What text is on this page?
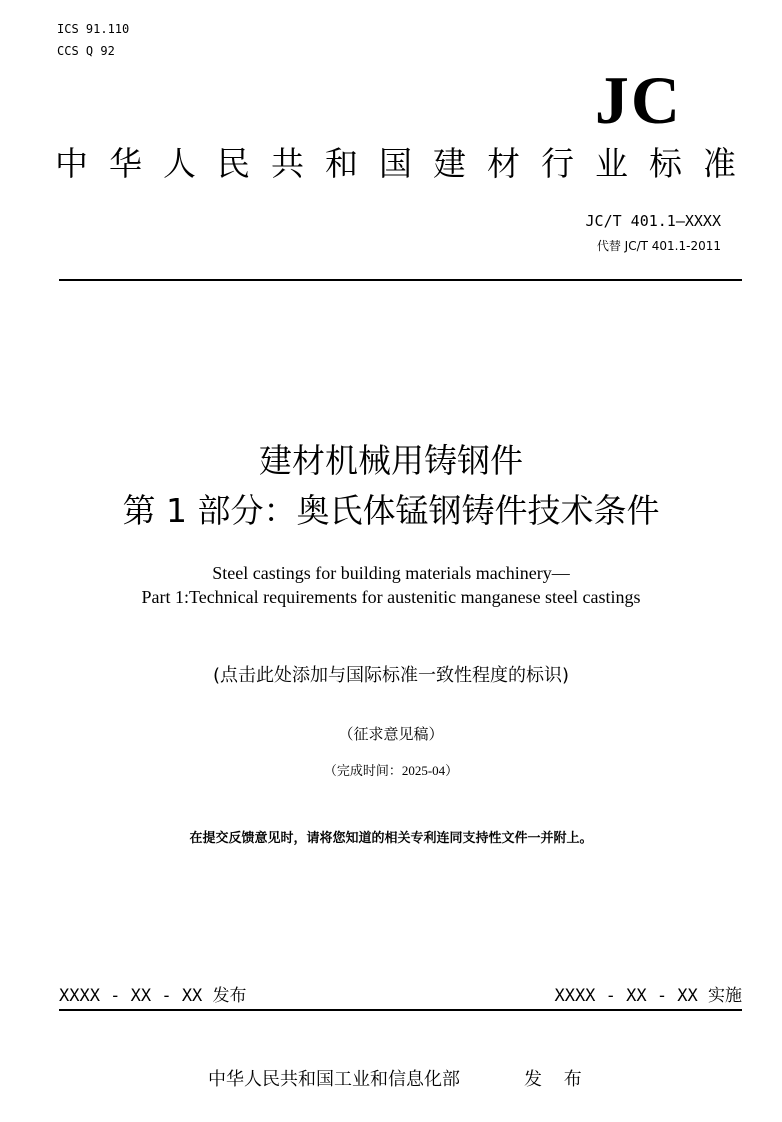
ICS 91.110
CCS Q 92
JC
中华人民共和国建材行业标准
JC/T 401.1—XXXX
代替 JC/T 401.1-2011
建材机械用铸钢件
第 1 部分：奥氏体锰钢铸件技术条件
Steel castings for building materials machinery—
Part 1:Technical requirements for austenitic manganese steel castings
(点击此处添加与国际标准一致性程度的标识)
（征求意见稿）
（完成时间：2025-04）
在提交反馈意见时，请将您知道的相关专利连同支持性文件一并附上。
XXXX - XX - XX 发布	XXXX - XX - XX 实施
中华人民共和国工业和信息化部	发 布
